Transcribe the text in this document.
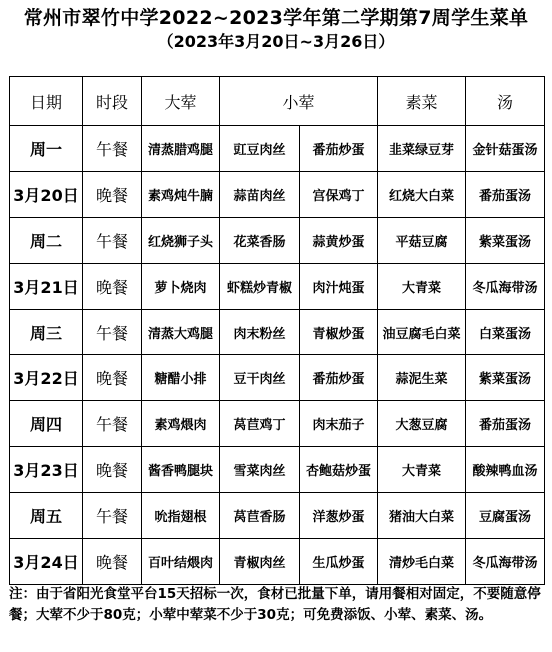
常州市翠竹中学2022~2023学年第二学期第7周学生菜单
（2023年3月20日~3月26日）
日期	时段	大荤	小荤		素菜	汤
周一	午餐	清蒸腊鸡腿	豇豆肉丝	番茄炒蛋	韭菜绿豆芽	金针菇蛋汤
3月20日	晚餐	素鸡炖牛腩	蒜苗肉丝	宫保鸡丁	红烧大白菜	番茄蛋汤
周二	午餐	红烧狮子头	花菜香肠	蒜黄炒蛋	平菇豆腐	紫菜蛋汤
3月21日	晚餐	萝卜烧肉	虾糕炒青椒	肉汁炖蛋	大青菜	冬瓜海带汤
周三	午餐	清蒸大鸡腿	肉末粉丝	青椒炒蛋	油豆腐毛白菜	白菜蛋汤
3月22日	晚餐	糖醋小排	豆干肉丝	番茄炒蛋	蒜泥生菜	紫菜蛋汤
周四	午餐	素鸡煨肉	莴苣鸡丁	肉末茄子	大葱豆腐	番茄蛋汤
3月23日	晚餐	酱香鸭腿块	雪菜肉丝	杏鲍菇炒蛋	大青菜	酸辣鸭血汤
周五	午餐	吮指翅根	莴苣香肠	洋葱炒蛋	猪油大白菜	豆腐蛋汤
3月24日	晚餐	百叶结煨肉	青椒肉丝	生瓜炒蛋	清炒毛白菜	冬瓜海带汤
注：由于省阳光食堂平台15天招标一次，食材已批量下单，请用餐相对固定，不要随意停餐；大荤不少于80克；小荤中荤菜不少于30克；可免费添饭、小荤、素菜、汤。
